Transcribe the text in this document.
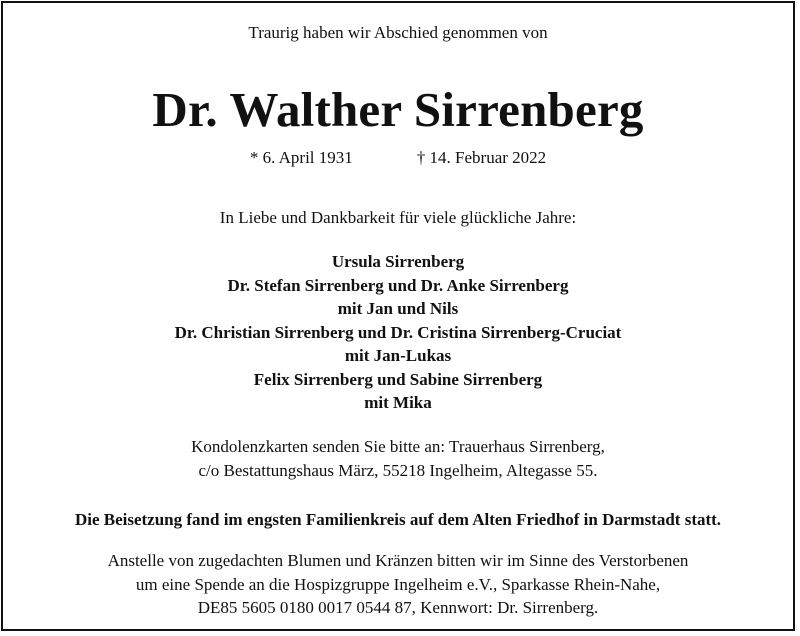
Traurig haben wir Abschied genommen von
Dr. Walther Sirrenberg
* 6. April 1931	† 14. Februar 2022
In Liebe und Dankbarkeit für viele glückliche Jahre:
Ursula Sirrenberg
Dr. Stefan Sirrenberg und Dr. Anke Sirrenberg
mit Jan und Nils
Dr. Christian Sirrenberg und Dr. Cristina Sirrenberg-Cruciat
mit Jan-Lukas
Felix Sirrenberg und Sabine Sirrenberg
mit Mika
Kondolenzkarten senden Sie bitte an: Trauerhaus Sirrenberg,
c/o Bestattungshaus März, 55218 Ingelheim, Altegasse 55.
Die Beisetzung fand im engsten Familienkreis auf dem Alten Friedhof in Darmstadt statt.
Anstelle von zugedachten Blumen und Kränzen bitten wir im Sinne des Verstorbenen
um eine Spende an die Hospizgruppe Ingelheim e.V., Sparkasse Rhein-Nahe,
DE85 5605 0180 0017 0544 87, Kennwort: Dr. Sirrenberg.
